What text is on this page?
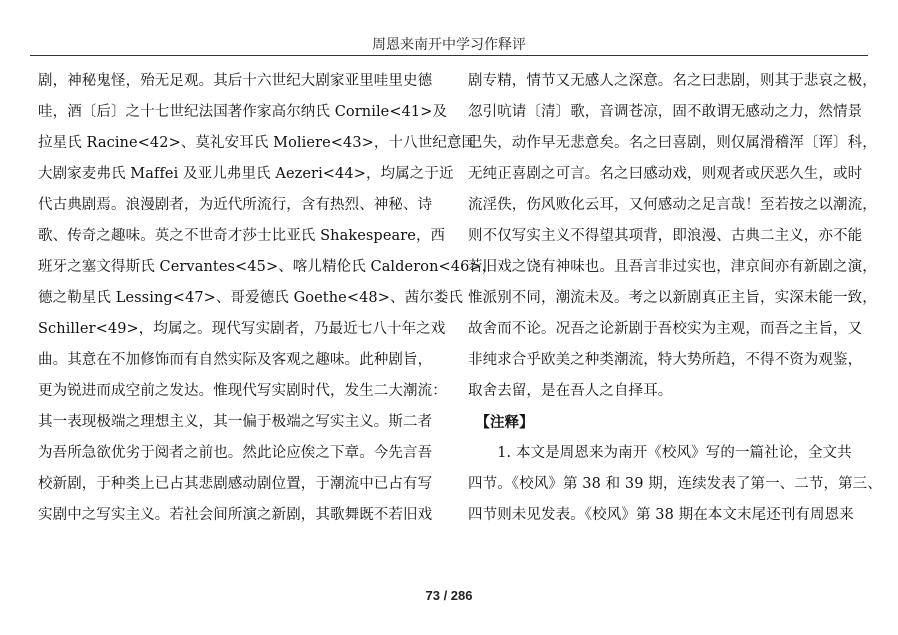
周恩来南开中学习作释评
剧，神秘鬼怪，殆无足观。其后十六世纪大剧家亚里哇里史德
哇，酒〔后〕之十七世纪法国著作家高尔纳氏 Cornile<41>及
拉星氏 Racine<42>、莫礼安耳氏 Moliere<43>，十八世纪意国
大剧家麦弗氏 Maffei 及亚儿弗里氏 Aezeri<44>，均属之于近
代古典剧焉。浪漫剧者，为近代所流行，含有热烈、神秘、诗
歌、传奇之趣味。英之不世奇才莎士比亚氏 Shakespeare，西
班牙之塞文得斯氏 Cervantes<45>、喀儿精伦氏 Calderon<46>，
德之勒星氏 Lessing<47>、哥爱德氏 Goethe<48>、茜尔娄氏
Schiller<49>，均属之。现代写实剧者，乃最近七八十年之戏
曲。其意在不加修饰而有自然实际及客观之趣味。此种剧旨，
更为锐进而成空前之发达。惟现代写实剧时代，发生二大潮流：
其一表现极端之理想主义，其一偏于极端之写实主义。斯二者
为吾所急欲优劣于阅者之前也。然此论应俟之下章。今先言吾
校新剧，于种类上已占其悲剧感动剧位置，于潮流中已占有写
实剧中之写实主义。若社会间所演之新剧，其歌舞既不若旧戏
剧专精，情节又无感人之深意。名之曰悲剧，则其于悲哀之极，
忽引吭请〔清〕歌，音调苍凉，固不敢谓无感动之力，然情景
已失，动作早无悲意矣。名之曰喜剧，则仅属滑稽浑〔诨〕科，
无纯正喜剧之可言。名之曰感动戏，则观者或厌恶久生，或时
流淫佚，伤风败化云耳，又何感动之足言哉！至若按之以潮流，
则不仅写实主义不得望其项背，即浪漫、古典二主义，亦不能
若旧戏之饶有神味也。且吾言非过实也，津京间亦有新剧之演，
惟派别不同，潮流未及。考之以新剧真正主旨，实深未能一致，
故舍而不论。况吾之论新剧于吾校实为主观，而吾之主旨，又
非纯求合乎欧美之种类潮流，特大势所趋，不得不资为观鉴，
取舍去留，是在吾人之自择耳。
　【注释】
　　1. 本文是周恩来为南开《校风》写的一篇社论，全文共
四节。《校风》第 38 和 39 期，连续发表了第一、二节，第三、
四节则未见发表。《校风》第 38 期在本文末尾还刊有周恩来
73 / 286
